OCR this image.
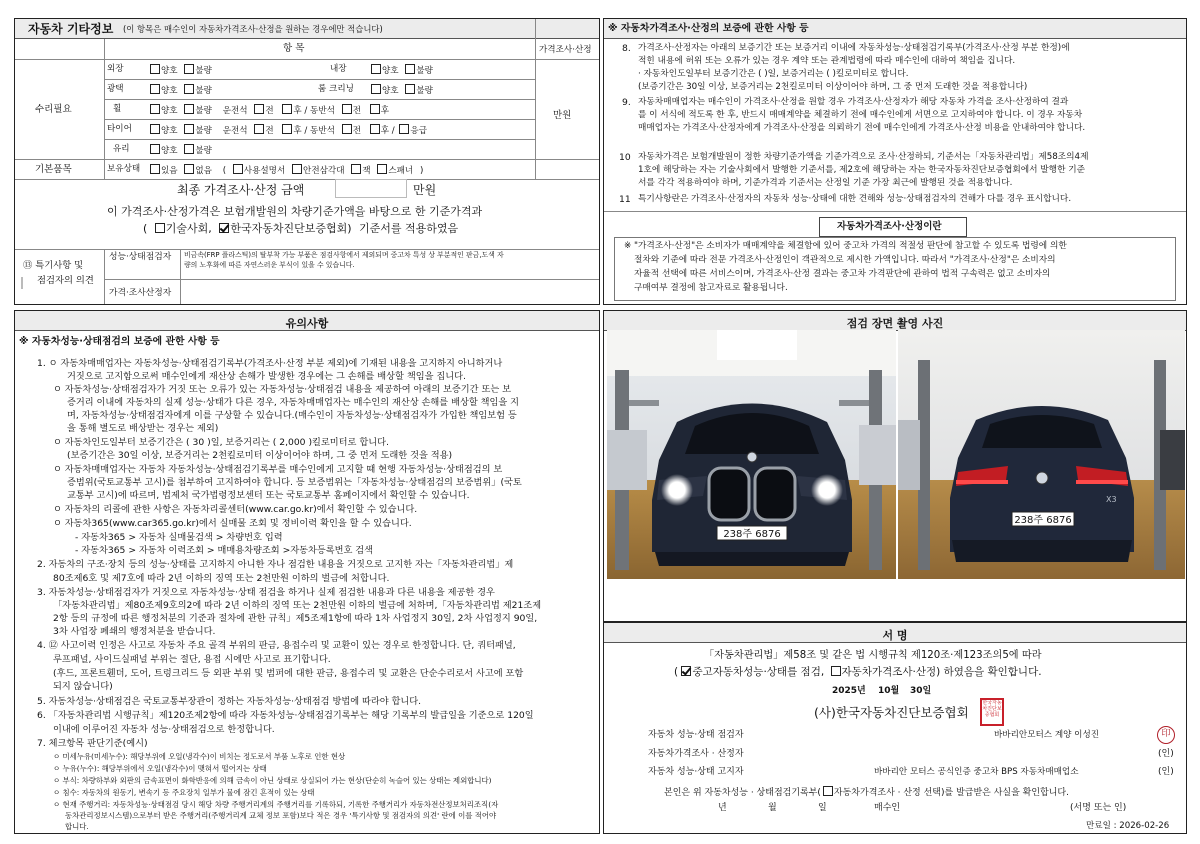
자동차 기타정보 (이 항목은 매수인이 자동차가격조사·산정을 원하는 경우에만 적습니다)
항 목	가격조사·산정
수리필요
기본품목
만원
외장	양호 불량	내장	양호 불량
광택	양호 불량	룸 크리닝	양호 불량
휠	양호 불량 운전석 전 후 / 동반석 전 후
타이어	양호 불량 운전석 전 후 / 동반석 전 후 / 응급
유리	양호 불량
보유상태	있음 없음 ( 사용설명서 안전삼각대 잭 스패너 )
최종 가격조사·산정 금액	만원
이 가격조사·산정가격은 보험개발원의 차량기준가액을 바탕으로 한 기준가격과
( 기술사회, 한국자동차진단보증협회) 기준서를 적용하였음
⑬ 특기사항 및
점검자의 의견
성능·상태점검자 비금속(FRP 플라스틱)의 탈부착 가능 부품은 점검사항에서 제외되며 중고차 특성 상 부분적인 판금,도색 자
량의 노후화에 따른 자연스러운 부식이 있을 수 있습니다.
가격·조사산정자
※ 자동차가격조사·산정의 보증에 관한 사항 등
8. 가격조사·산정자는 아래의 보증기간 또는 보증거리 이내에 자동차성능·상태점검기록부(가격조사·산정 부분 한정)에
적힌 내용에 허위 또는 오류가 있는 경우 계약 또는 관계법령에 따라 매수인에 대하여 책임을 집니다.
· 자동차인도일부터 보증기간은 ( )일, 보증거리는 ( )킬로미터로 합니다.
(보증기간은 30일 이상, 보증거리는 2천킬로미터 이상이어야 하며, 그 중 먼저 도래한 것을 적용합니다)
9. 자동차매매업자는 매수인이 가격조사·산정을 원할 경우 가격조사·산정자가 해당 자동차 가격을 조사·산정하여 결과
를 이 서식에 적도록 한 후, 반드시 매매계약을 체결하기 전에 매수인에게 서면으로 고지하여야 합니다. 이 경우 자동차
매매업자는 가격조사·산정자에게 가격조사·산정을 의뢰하기 전에 매수인에게 가격조사·산정 비용을 안내하여야 합니다.
10 자동차가격은 보험개발원이 정한 차량기준가액을 기준가격으로 조사·산정하되, 기준서는「자동차관리법」제58조의4제
1호에 해당하는 자는 기술사회에서 발행한 기준서를, 제2호에 해당하는 자는 한국자동차진단보증협회에서 발행한 기준
서를 각각 적용하여야 하며, 기준가격과 기준서는 산정일 기준 가장 최근에 발행된 것을 적용합니다.
11 특기사항란은 가격조사·산정자의 자동차 성능·상태에 대한 견해와 성능·상태점검자의 견해가 다를 경우 표시합니다.
자동차가격조사·산정이란
※ "가격조사·산정"은 소비자가 매매계약을 체결함에 있어 중고차 가격의 적절성 판단에 참고할 수 있도록 법령에 의한
절차와 기준에 따라 전문 가격조사·산정인이 객관적으로 제시한 가액입니다. 따라서 "가격조사·산정"은 소비자의
자율적 선택에 따른 서비스이며, 가격조사·산정 결과는 중고차 가격판단에 관하여 법적 구속력은 없고 소비자의
구매여부 결정에 참고자료로 활용됩니다.
유의사항
※ 자동차성능·상태점검의 보증에 관한 사항 등
1. ㅇ 자동차매매업자는 자동차성능·상태점검기록부(가격조사·산정 부분 제외)에 기재된 내용을 고지하지 아니하거나
거짓으로 고지함으로써 매수인에게 재산상 손해가 발생한 경우에는 그 손해를 배상할 책임을 집니다.
ㅇ 자동차성능·상태점검자가 거짓 또는 오류가 있는 자동차성능·상태점검 내용을 제공하여 아래의 보증기간 또는 보
증거리 이내에 자동차의 실제 성능·상태가 다른 경우, 자동차매매업자는 매수인의 재산상 손해를 배상할 책임을 지
며, 자동차성능·상태점검자에게 이를 구상할 수 있습니다.(매수인이 자동차성능·상태점검자가 가입한 책임보험 등
을 통해 별도로 배상받는 경우는 제외)
ㅇ 자동차인도일부터 보증기간은 ( 30 )일, 보증거리는 ( 2,000 )킬로미터로 합니다.
(보증기간은 30일 이상, 보증거리는 2천킬로미터 이상이어야 하며, 그 중 먼저 도래한 것을 적용)
ㅇ 자동차매매업자는 자동차 자동차성능·상태점검기록부를 매수인에게 고지할 때 현행 자동차성능·상태점검의 보
증범위(국토교통부 고시)를 첨부하여 고지하여야 합니다. 등 보증범위는「자동차성능·상태점검의 보증범위」(국토
교통부 고시)에 따르며, 법제처 국가법령정보센터 또는 국토교통부 홈페이지에서 확인할 수 있습니다.
ㅇ 자동차의 리콜에 관한 사항은 자동차리콜센터(www.car.go.kr)에서 확인할 수 있습니다.
ㅇ 자동차365(www.car365.go.kr)에서 실매물 조회 및 정비이력 확인을 할 수 있습니다.
- 자동차365 > 자동차 실매물검색 > 차량번호 입력
- 자동차365 > 자동차 이력조회 > 매매용차량조회 >자동차등록번호 검색
2. 자동차의 구조·장치 등의 성능·상태를 고지하지 아니한 자나 점검한 내용을 거짓으로 고지한 자는「자동차관리법」제
80조제6호 및 제7호에 따라 2년 이하의 징역 또는 2천만원 이하의 벌금에 처합니다.
3. 자동차성능·상태점검자가 거짓으로 자동차성능·상태 점검을 하거나 실제 점검한 내용과 다른 내용을 제공한 경우
「자동차관리법」제80조제9호의2에 따라 2년 이하의 징역 또는 2천만원 이하의 벌금에 처하며,「자동차관리법 제21조제
2항 등의 규정에 따른 행정처분의 기준과 절차에 관한 규칙」제5조제1항에 따라 1차 사업정지 30일, 2차 사업정지 90일,
3차 사업장 폐쇄의 행정처분을 받습니다.
4. ⑫ 사고이력 인정은 사고로 자동차 주요 골격 부위의 판금, 용접수리 및 교환이 있는 경우로 한정합니다. 단, 쿼터패널,
루프패널, 사이드실패널 부위는 절단, 용접 시에만 사고로 표기합니다.
(후드, 프론트휀더, 도어, 트렁크리드 등 외판 부위 및 범퍼에 대한 판금, 용접수리 및 교환은 단순수리로서 사고에 포함
되지 않습니다)
5. 자동차성능·상태점검은 국토교통부장관이 정하는 자동차성능·상태점검 방법에 따라야 합니다.
6. 「자동차관리법 시행규칙」제120조제2항에 따라 자동차성능·상태점검기록부는 해당 기록부의 발급일을 기준으로 120일
이내에 이루어진 자동차 성능·상태점검으로 한정합니다.
7. 체크항목 판단기준(예시)
ㅇ 미세누유(미세누수): 해당부위에 오일(냉각수)이 비치는 정도로서 부품 노후로 인한 현상
ㅇ 누유(누수): 해당부위에서 오일(냉각수)이 맺혀서 떨어지는 상태
ㅇ 부식: 차량하부와 외판의 금속표면이 화학반응에 의해 금속이 아닌 상태로 상실되어 가는 현상(단순히 녹슬어 있는 상태는 제외합니다)
ㅇ 침수: 자동차의 원동기, 변속기 등 주요장치 일부가 물에 잠긴 흔적이 있는 상태
ㅇ 현재 주행거리: 자동차성능·상태점검 당시 해당 차량 주행거리계의 주행거리를 기록하되, 기록한 주행거리가 자동차전산정보처리조직(자
동차관리정보시스템)으로부터 받은 주행거리(주행거리계 교체 정보 포함)보다 적은 경우 '특기사항 및 점검자의 의견' 란에 이를 적어야
합니다.
점검 장면 촬영 사진
238주 6876
X3
238주 6876
서 명
「자동차관리법」제58조 및 같은 법 시행규칙 제120조·제123조의5에 따라
( 중고자동차성능·상태를 점검, 자동차가격조사·산정) 하였음을 확인합니다.
2025년 10월 30일
(사)한국자동차진단보증협회
한국자동차진단보증협회
자동차 성능·상태 점검자	바바리안모터스 계양 이성진	印
자동차가격조사 · 산정자	(인)
자동차 성능·상태 고지자	바바리안 모터스 공식인증 중고차 BPS 자동차매매업소	(인)
본인은 위 자동차성능 · 상태점검기록부( 자동차가격조사 · 산정 선택)를 발급받은 사실을 확인합니다.
년	월	일	매수인	(서명 또는 인)
만료일 : 2026-02-26
